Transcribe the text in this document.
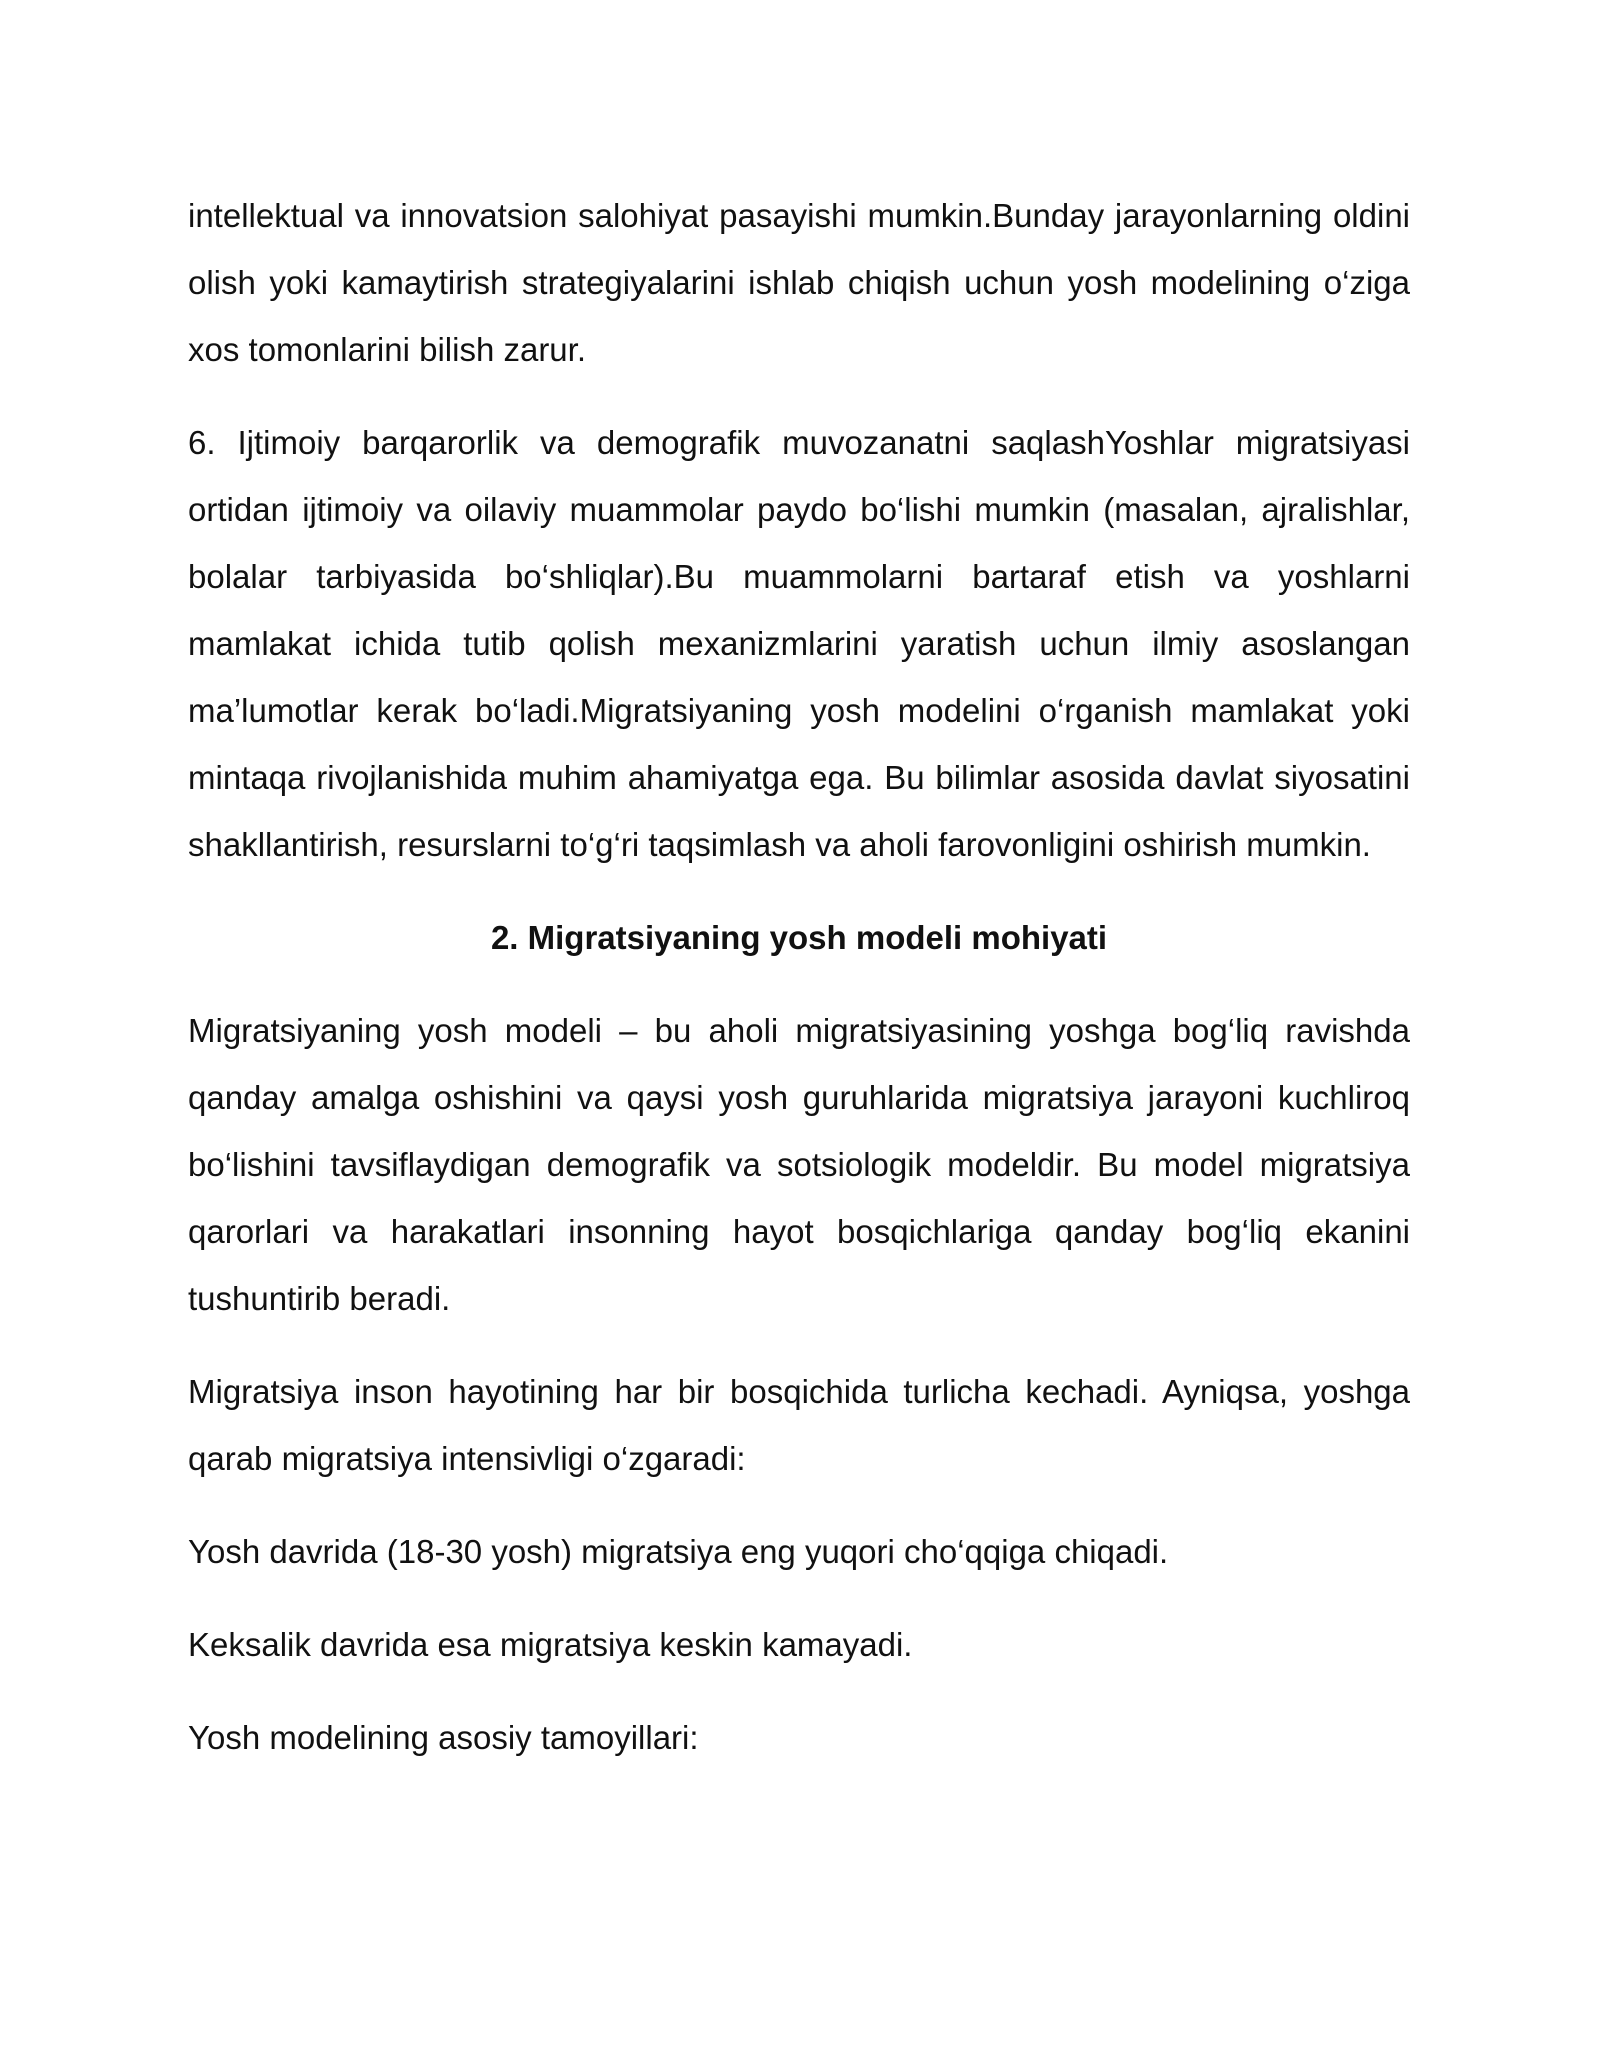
intellektual va innovatsion salohiyat pasayishi mumkin.Bunday jarayonlarning oldini olish yoki kamaytirish strategiyalarini ishlab chiqish uchun yosh modelining o‘ziga xos tomonlarini bilish zarur.

6. Ijtimoiy barqarorlik va demografik muvozanatni saqlashYoshlar migratsiyasi ortidan ijtimoiy va oilaviy muammolar paydo bo‘lishi mumkin (masalan, ajralishlar, bolalar tarbiyasida bo‘shliqlar).Bu muammolarni bartaraf etish va yoshlarni mamlakat ichida tutib qolish mexanizmlarini yaratish uchun ilmiy asoslangan ma’lumotlar kerak bo‘ladi.Migratsiyaning yosh modelini o‘rganish mamlakat yoki mintaqa rivojlanishida muhim ahamiyatga ega. Bu bilimlar asosida davlat siyosatini shakllantirish, resurslarni to‘g‘ri taqsimlash va aholi farovonligini oshirish mumkin.

2. Migratsiyaning yosh modeli mohiyati

Migratsiyaning yosh modeli – bu aholi migratsiyasining yoshga bog‘liq ravishda qanday amalga oshishini va qaysi yosh guruhlarida migratsiya jarayoni kuchliroq bo‘lishini tavsiflaydigan demografik va sotsiologik modeldir. Bu model migratsiya qarorlari va harakatlari insonning hayot bosqichlariga qanday bog‘liq ekanini tushuntirib beradi.

Migratsiya inson hayotining har bir bosqichida turlicha kechadi. Ayniqsa, yoshga qarab migratsiya intensivligi o‘zgaradi:

Yosh davrida (18-30 yosh) migratsiya eng yuqori cho‘qqiga chiqadi.

Keksalik davrida esa migratsiya keskin kamayadi.

Yosh modelining asosiy tamoyillari:
